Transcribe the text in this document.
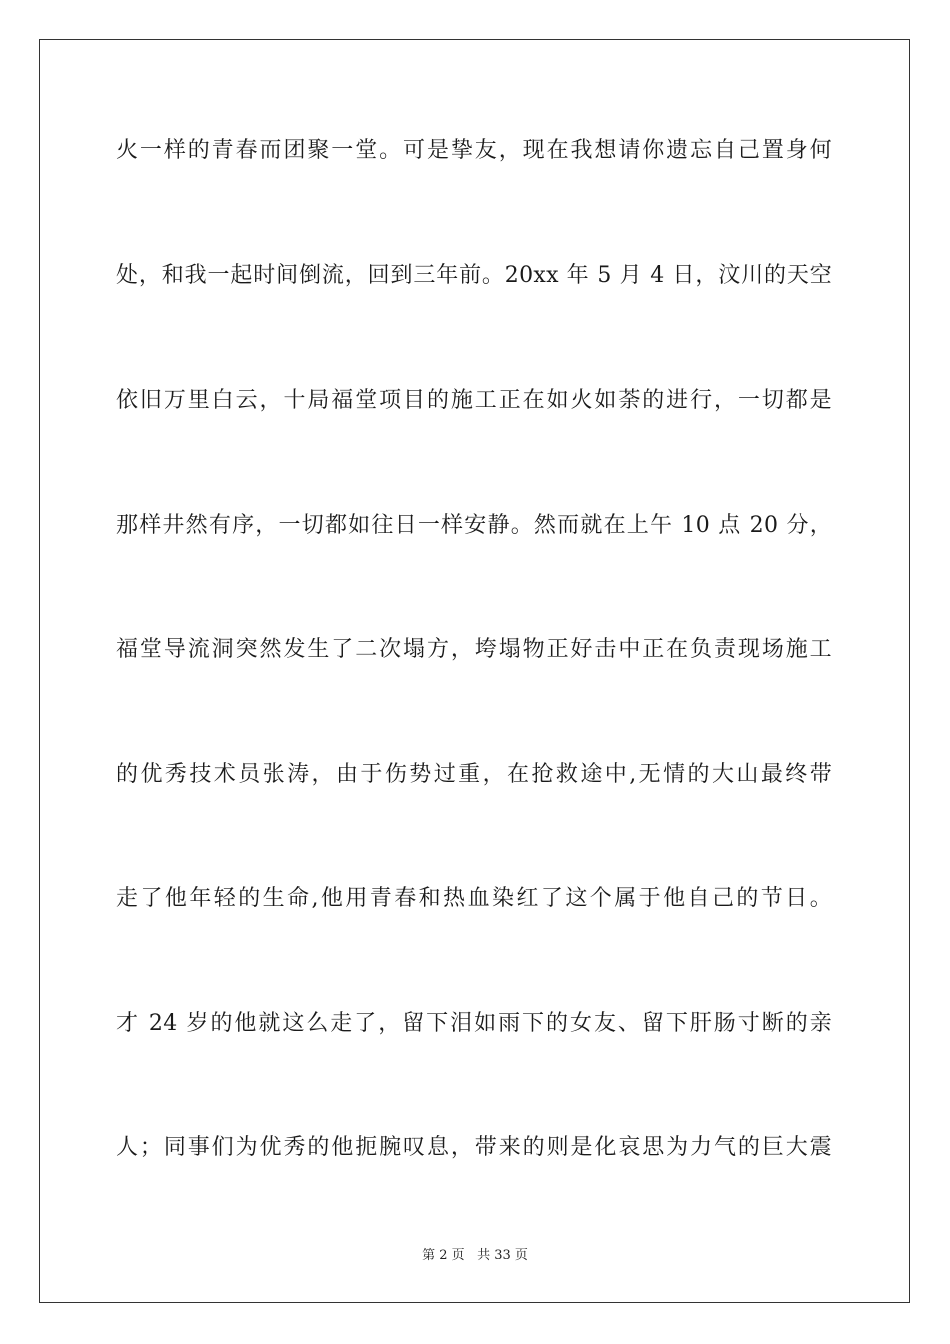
火一样的青春而团聚一堂。可是挚友，现在我想请你遗忘自己置身何
处，和我一起时间倒流，回到三年前。20xx 年 5 月 4 日，汶川的天空
依旧万里白云，十局福堂项目的施工正在如火如荼的进行，一切都是
那样井然有序，一切都如往日一样安静。然而就在上午 10 点 20 分，
福堂导流洞突然发生了二次塌方，垮塌物正好击中正在负责现场施工
的优秀技术员张涛，由于伤势过重，在抢救途中,无情的大山最终带
走了他年轻的生命,他用青春和热血染红了这个属于他自己的节日。
才 24 岁的他就这么走了，留下泪如雨下的女友、留下肝肠寸断的亲
人；同事们为优秀的他扼腕叹息，带来的则是化哀思为力气的巨大震
第 2 页 共 33 页
